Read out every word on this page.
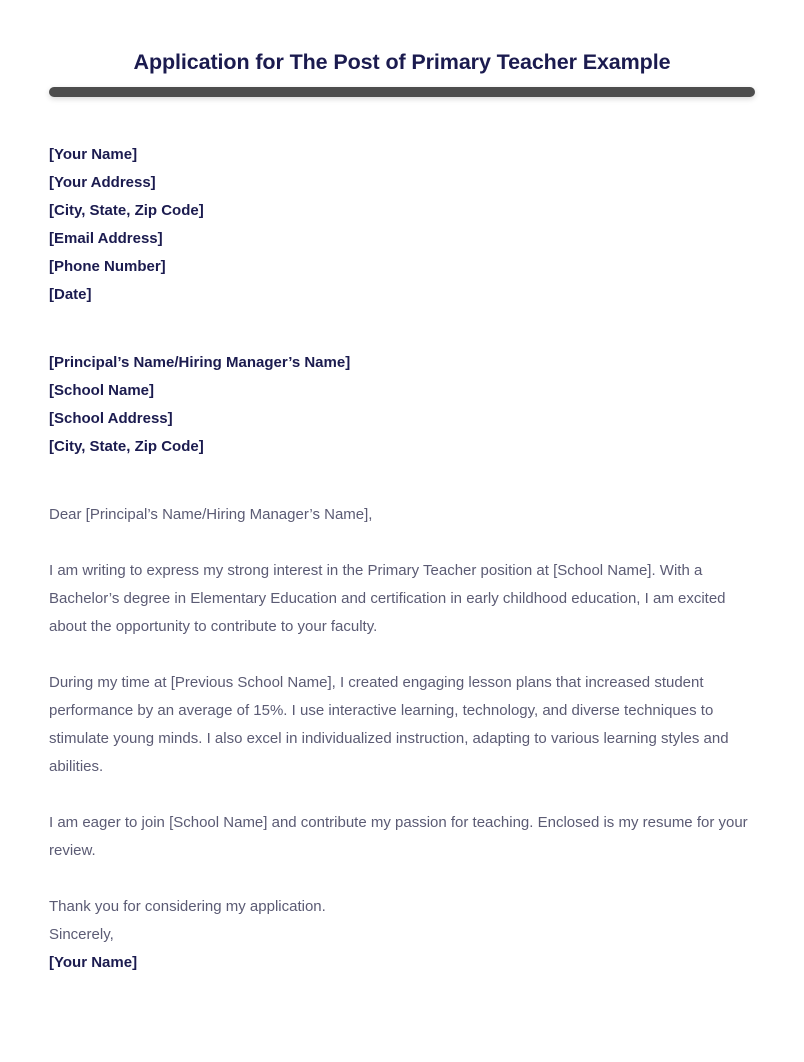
Application for The Post of Primary Teacher Example
[Your Name]
[Your Address]
[City, State, Zip Code]
[Email Address]
[Phone Number]
[Date]
[Principal’s Name/Hiring Manager’s Name]
[School Name]
[School Address]
[City, State, Zip Code]
Dear [Principal’s Name/Hiring Manager’s Name],

I am writing to express my strong interest in the Primary Teacher position at [School Name]. With a Bachelor’s degree in Elementary Education and certification in early childhood education, I am excited about the opportunity to contribute to your faculty.

During my time at [Previous School Name], I created engaging lesson plans that increased student performance by an average of 15%. I use interactive learning, technology, and diverse techniques to stimulate young minds. I also excel in individualized instruction, adapting to various learning styles and abilities.

I am eager to join [School Name] and contribute my passion for teaching. Enclosed is my resume for your review.

Thank you for considering my application.
Sincerely,
[Your Name]
